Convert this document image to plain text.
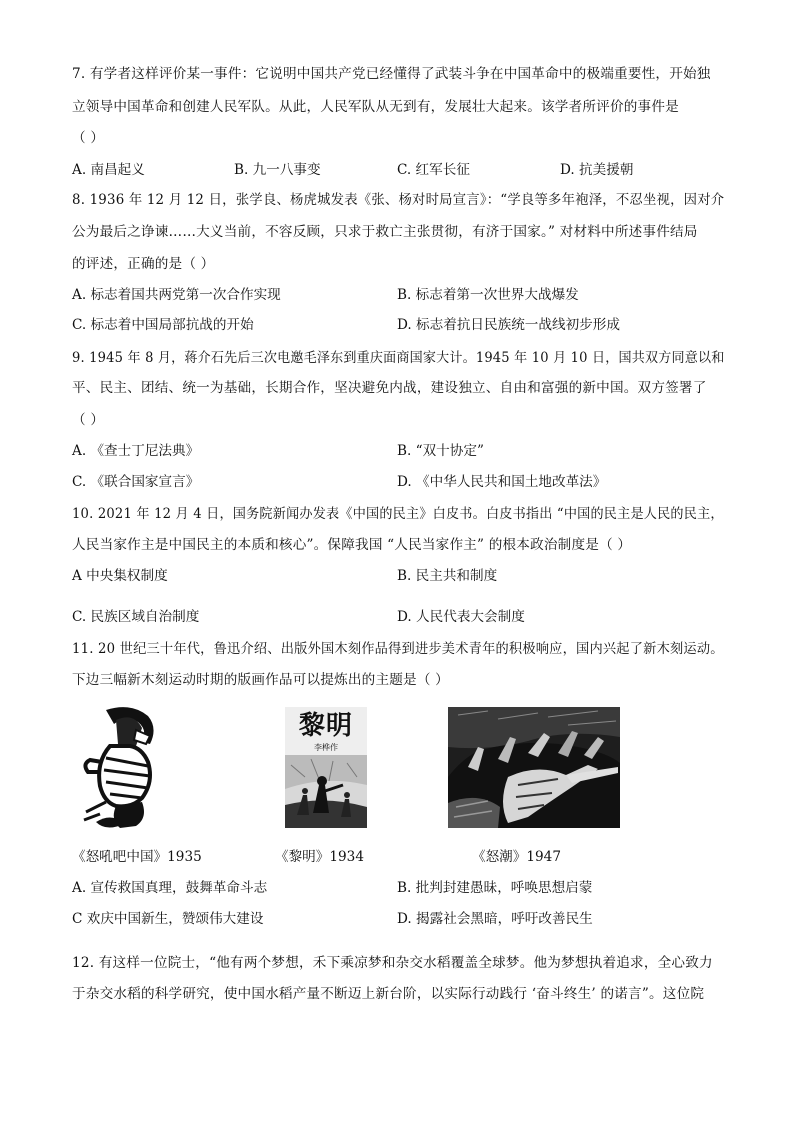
7. 有学者这样评价某一事件：它说明中国共产党已经懂得了武装斗争在中国革命中的极端重要性，开始独
立领导中国革命和创建人民军队。从此，人民军队从无到有，发展壮大起来。该学者所评价的事件是
（ ）
A. 南昌起义	B. 九一八事变	C. 红军长征	D. 抗美援朝
8. 1936 年 12 月 12 日，张学良、杨虎城发表《张、杨对时局宣言》：“学良等多年袍泽，不忍坐视，因对介
公为最后之诤谏……大义当前，不容反顾，只求于救亡主张贯彻，有济于国家。” 对材料中所述事件结局
的评述，正确的是（ ）
A. 标志着国共两党第一次合作实现	B. 标志着第一次世界大战爆发
C. 标志着中国局部抗战的开始	D. 标志着抗日民族统一战线初步形成
9. 1945 年 8 月，蒋介石先后三次电邀毛泽东到重庆面商国家大计。1945 年 10 月 10 日，国共双方同意以和
平、民主、团结、统一为基础，长期合作，坚决避免内战，建设独立、自由和富强的新中国。双方签署了
（ ）
A. 《查士丁尼法典》	B. “双十协定”
C. 《联合国家宣言》	D. 《中华人民共和国土地改革法》
10. 2021 年 12 月 4 日，国务院新闻办发表《中国的民主》白皮书。白皮书指出 “中国的民主是人民的民主，
人民当家作主是中国民主的本质和核心”。保障我国 “人民当家作主” 的根本政治制度是（ ）
A 中央集权制度	B. 民主共和制度
C. 民族区域自治制度	D. 人民代表大会制度
11. 20 世纪三十年代，鲁迅介绍、出版外国木刻作品得到进步美术青年的积极响应，国内兴起了新木刻运动。
下边三幅新木刻运动时期的版画作品可以提炼出的主题是（ ）
黎明
李桦作
《怒吼吧中国》1935	《黎明》1934	《怒潮》1947
A. 宣传救国真理，鼓舞革命斗志	B. 批判封建愚昧，呼唤思想启蒙
C 欢庆中国新生，赞颂伟大建设	D. 揭露社会黑暗，呼吁改善民生
12. 有这样一位院士，“他有两个梦想，禾下乘凉梦和杂交水稻覆盖全球梦。他为梦想执着追求，全心致力
于杂交水稻的科学研究，使中国水稻产量不断迈上新台阶，以实际行动践行 ‘奋斗终生’ 的诺言”。这位院
